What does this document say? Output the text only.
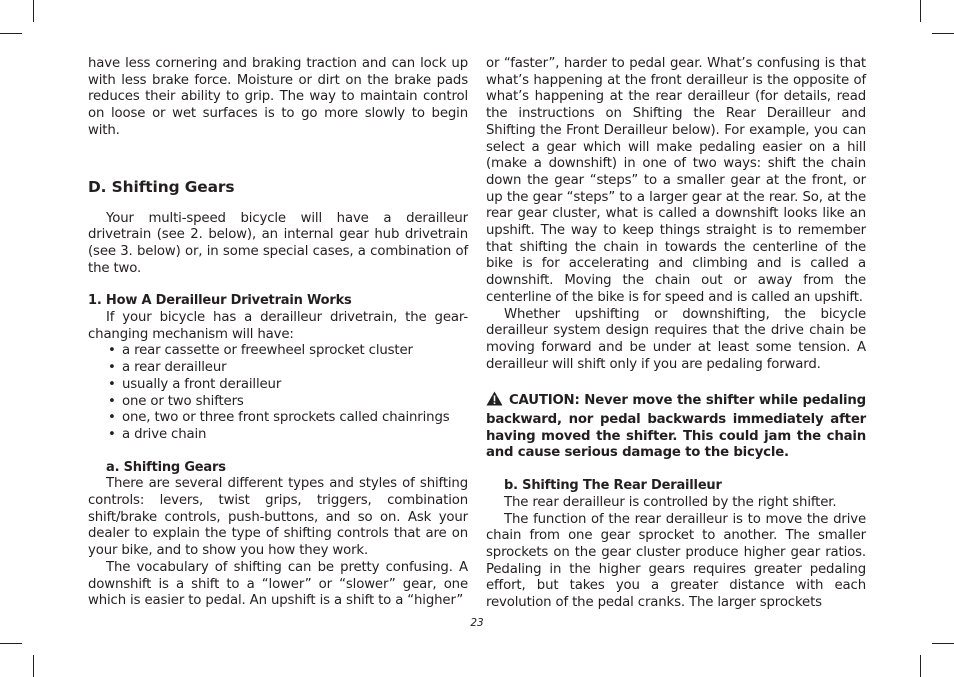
have less cornering and braking traction and can lock up with less brake force. Moisture or dirt on the brake pads reduces their ability to grip. The way to maintain control on loose or wet surfaces is to go more slowly to begin with.

D. Shifting Gears

Your multi-speed bicycle will have a derailleur drivetrain (see 2. below), an internal gear hub drivetrain (see 3. below) or, in some special cases, a combination of the two.

1. How A Derailleur Drivetrain Works

If your bicycle has a derailleur drivetrain, the gear-changing mechanism will have:

• a rear cassette or freewheel sprocket cluster
• a rear derailleur
• usually a front derailleur
• one or two shifters
• one, two or three front sprockets called chainrings
• a drive chain
a. Shifting Gears

There are several different types and styles of shifting controls: levers, twist grips, triggers, combination shift/brake controls, push-buttons, and so on. Ask your dealer to explain the type of shifting controls that are on your bike, and to show you how they work.

The vocabulary of shifting can be pretty confusing. A downshift is a shift to a “lower” or “slower” gear, one which is easier to pedal. An upshift is a shift to a “higher”

or “faster”, harder to pedal gear. What’s confusing is that what’s happening at the front derailleur is the opposite of what’s happening at the rear derailleur (for details, read the instructions on Shifting the Rear Derailleur and Shifting the Front Derailleur below). For example, you can select a gear which will make pedaling easier on a hill (make a downshift) in one of two ways: shift the chain down the gear “steps” to a smaller gear at the front, or up the gear “steps” to a larger gear at the rear. So, at the rear gear cluster, what is called a downshift looks like an upshift. The way to keep things straight is to remember that shifting the chain in towards the centerline of the bike is for accelerating and climbing and is called a downshift. Moving the chain out or away from the centerline of the bike is for speed and is called an upshift.

Whether upshifting or downshifting, the bicycle derailleur system design requires that the drive chain be moving forward and be under at least some tension. A derailleur will shift only if you are pedaling forward.

CAUTION: Never move the shifter while pedaling backward, nor pedal backwards immediately after having moved the shifter. This could jam the chain and cause serious damage to the bicycle.

b. Shifting The Rear Derailleur

The rear derailleur is controlled by the right shifter.

The function of the rear derailleur is to move the drive chain from one gear sprocket to another. The smaller sprockets on the gear cluster produce higher gear ratios. Pedaling in the higher gears requires greater pedaling effort, but takes you a greater distance with each revolution of the pedal cranks. The larger sprockets

23
